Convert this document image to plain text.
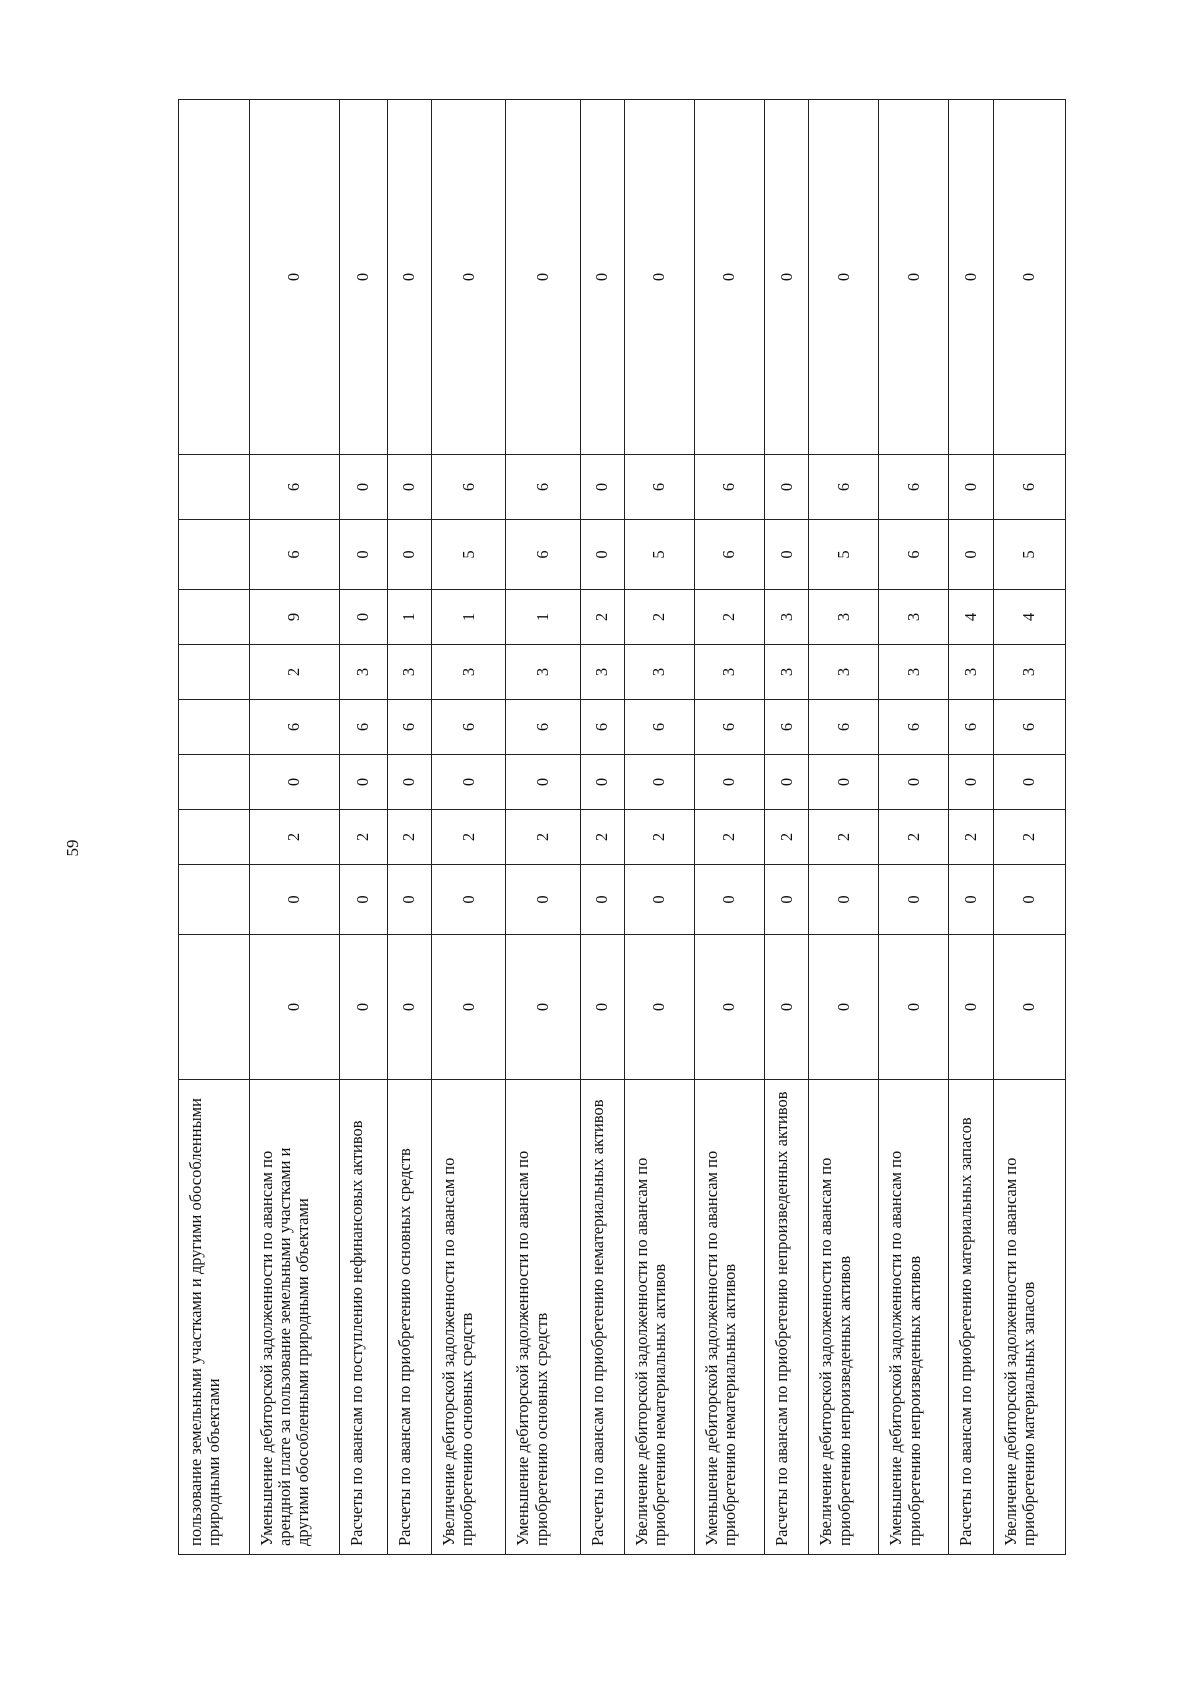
59
пользование земельными участками и другими обособленными природными объектами										
Уменьшение дебиторской задолженности по авансам по арендной плате за пользование земельными участками и другими обособленными природными объектами	0	0	2	0	6	2	9	6	6	0
Расчеты по авансам по поступлению нефинансовых активов	0	0	2	0	6	3	0	0	0	0
Расчеты по авансам по приобретению основных средств	0	0	2	0	6	3	1	0	0	0
Увеличение дебиторской задолженности по авансам по приобретению основных средств	0	0	2	0	6	3	1	5	6	0
Уменьшение дебиторской задолженности по авансам по приобретению основных средств	0	0	2	0	6	3	1	6	6	0
Расчеты по авансам по приобретению нематериальных активов	0	0	2	0	6	3	2	0	0	0
Увеличение дебиторской задолженности по авансам по приобретению нематериальных активов	0	0	2	0	6	3	2	5	6	0
Уменьшение дебиторской задолженности по авансам по приобретению нематериальных активов	0	0	2	0	6	3	2	6	6	0
Расчеты по авансам по приобретению непроизведенных активов	0	0	2	0	6	3	3	0	0	0
Увеличение дебиторской задолженности по авансам по приобретению непроизведенных активов	0	0	2	0	6	3	3	5	6	0
Уменьшение дебиторской задолженности по авансам по приобретению непроизведенных активов	0	0	2	0	6	3	3	6	6	0
Расчеты по авансам по приобретению материальных запасов	0	0	2	0	6	3	4	0	0	0
Увеличение дебиторской задолженности по авансам по приобретению материальных запасов	0	0	2	0	6	3	4	5	6	0
